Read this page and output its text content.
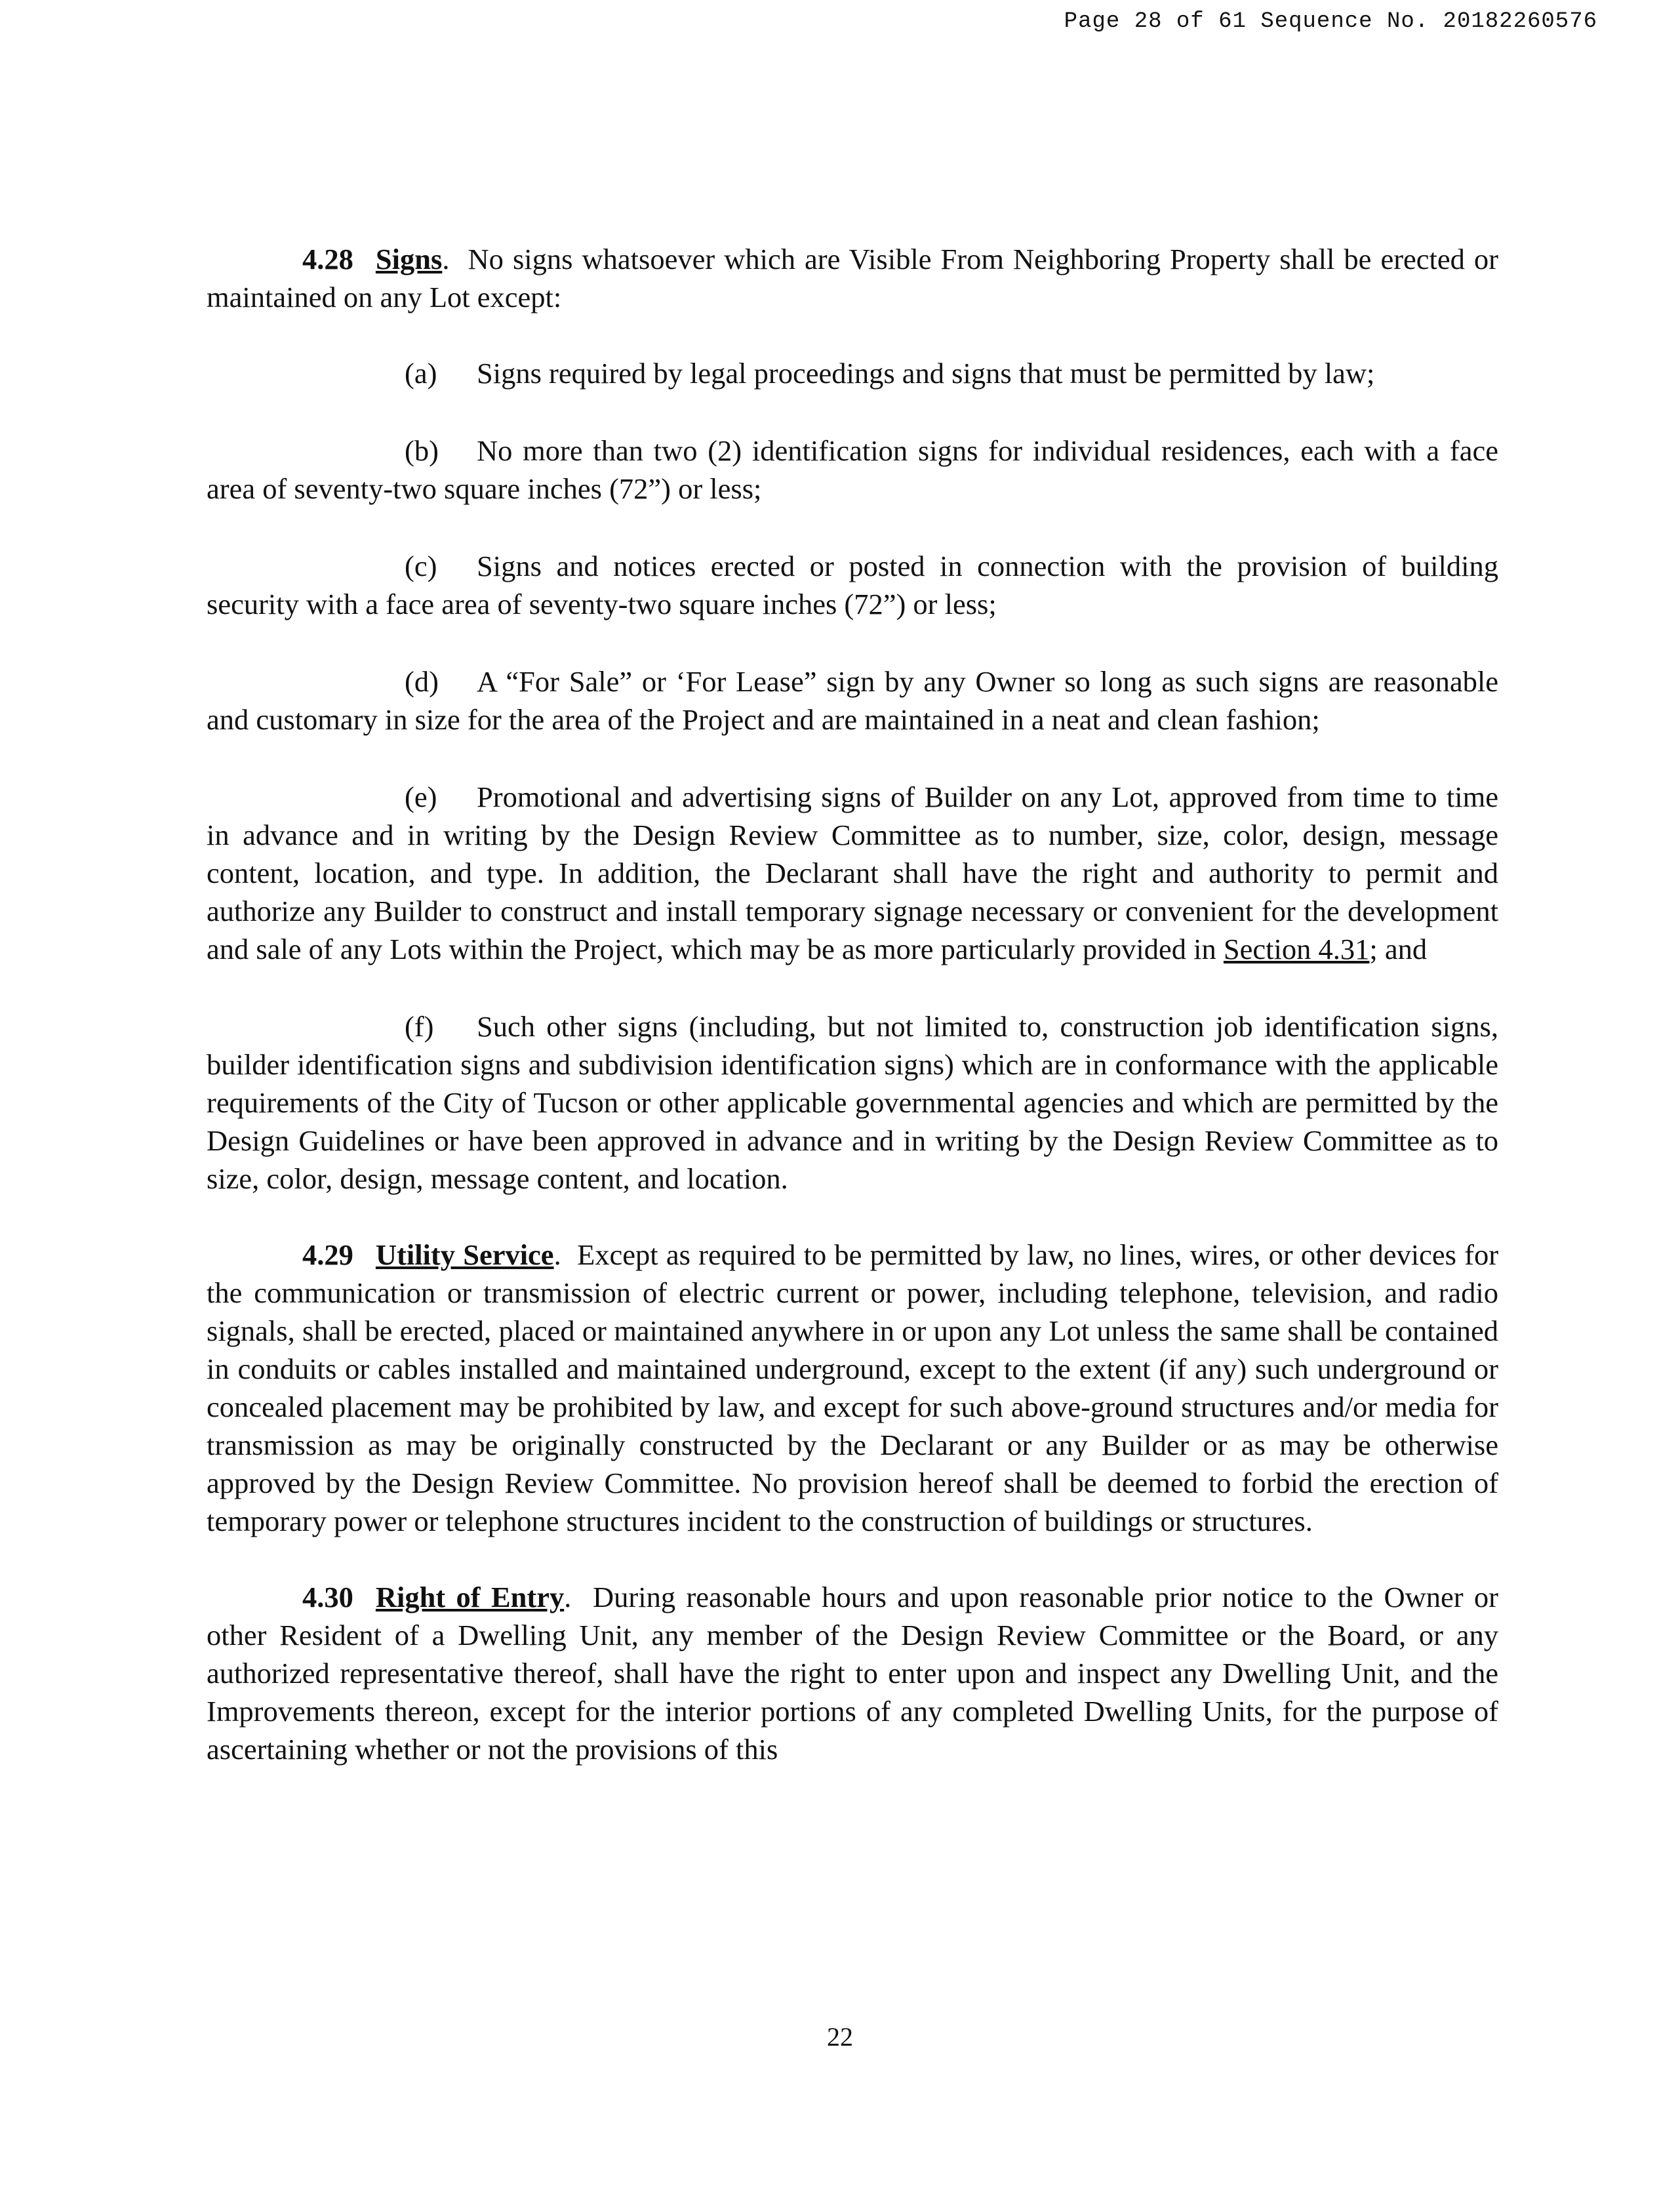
Page 28 of 61 Sequence No. 20182260576

4.28 Signs.  No signs whatsoever which are Visible From Neighboring Property shall be erected or maintained on any Lot except:

(a) Signs required by legal proceedings and signs that must be permitted by law;

(b) No more than two (2) identification signs for individual residences, each with a face area of seventy-two square inches (72”) or less;

(c) Signs and notices erected or posted in connection with the provision of building security with a face area of seventy-two square inches (72”) or less;

(d) A “For Sale” or ‘For Lease” sign by any Owner so long as such signs are reasonable and customary in size for the area of the Project and are maintained in a neat and clean fashion;

(e) Promotional and advertising signs of Builder on any Lot, approved from time to time in advance and in writing by the Design Review Committee as to number, size, color, design, message content, location, and type. In addition, the Declarant shall have the right and authority to permit and authorize any Builder to construct and install temporary signage necessary or convenient for the development and sale of any Lots within the Project, which may be as more particularly provided in Section 4.31; and

(f) Such other signs (including, but not limited to, construction job identification signs, builder identification signs and subdivision identification signs) which are in conformance with the applicable requirements of the City of Tucson or other applicable governmental agencies and which are permitted by the Design Guidelines or have been approved in advance and in writing by the Design Review Committee as to size, color, design, message content, and location.

4.29 Utility Service.  Except as required to be permitted by law, no lines, wires, or other devices for the communication or transmission of electric current or power, including telephone, television, and radio signals, shall be erected, placed or maintained anywhere in or upon any Lot unless the same shall be contained in conduits or cables installed and maintained underground, except to the extent (if any) such underground or concealed placement may be prohibited by law, and except for such above-ground structures and/or media for transmission as may be originally constructed by the Declarant or any Builder or as may be otherwise approved by the Design Review Committee. No provision hereof shall be deemed to forbid the erection of temporary power or telephone structures incident to the construction of buildings or structures.

4.30 Right of Entry.  During reasonable hours and upon reasonable prior notice to the Owner or other Resident of a Dwelling Unit, any member of the Design Review Committee or the Board, or any authorized representative thereof, shall have the right to enter upon and inspect any Dwelling Unit, and the Improvements thereon, except for the interior portions of any completed Dwelling Units, for the purpose of ascertaining whether or not the provisions of this

22
